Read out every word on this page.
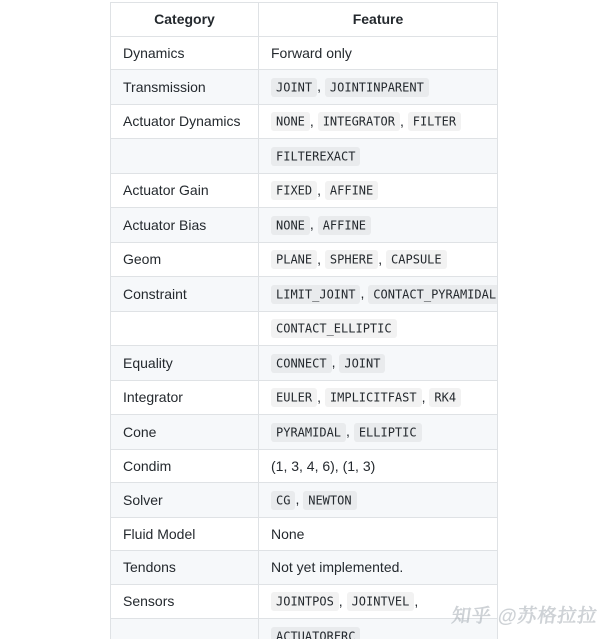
Category	Feature
Dynamics	Forward only
Transmission	JOINT , JOINTINPARENT
Actuator Dynamics	NONE , INTEGRATOR , FILTER
	FILTEREXACT
Actuator Gain	FIXED , AFFINE
Actuator Bias	NONE , AFFINE
Geom	PLANE , SPHERE , CAPSULE
Constraint	LIMIT_JOINT , CONTACT_PYRAMIDAL
	CONTACT_ELLIPTIC
Equality	CONNECT , JOINT
Integrator	EULER , IMPLICITFAST , RK4
Cone	PYRAMIDAL , ELLIPTIC
Condim	(1, 3, 4, 6), (1, 3)
Solver	CG , NEWTON
Fluid Model	None
Tendons	Not yet implemented.
Sensors	JOINTPOS , JOINTVEL ,
	ACTUATORFRC
知乎 @苏格拉拉
